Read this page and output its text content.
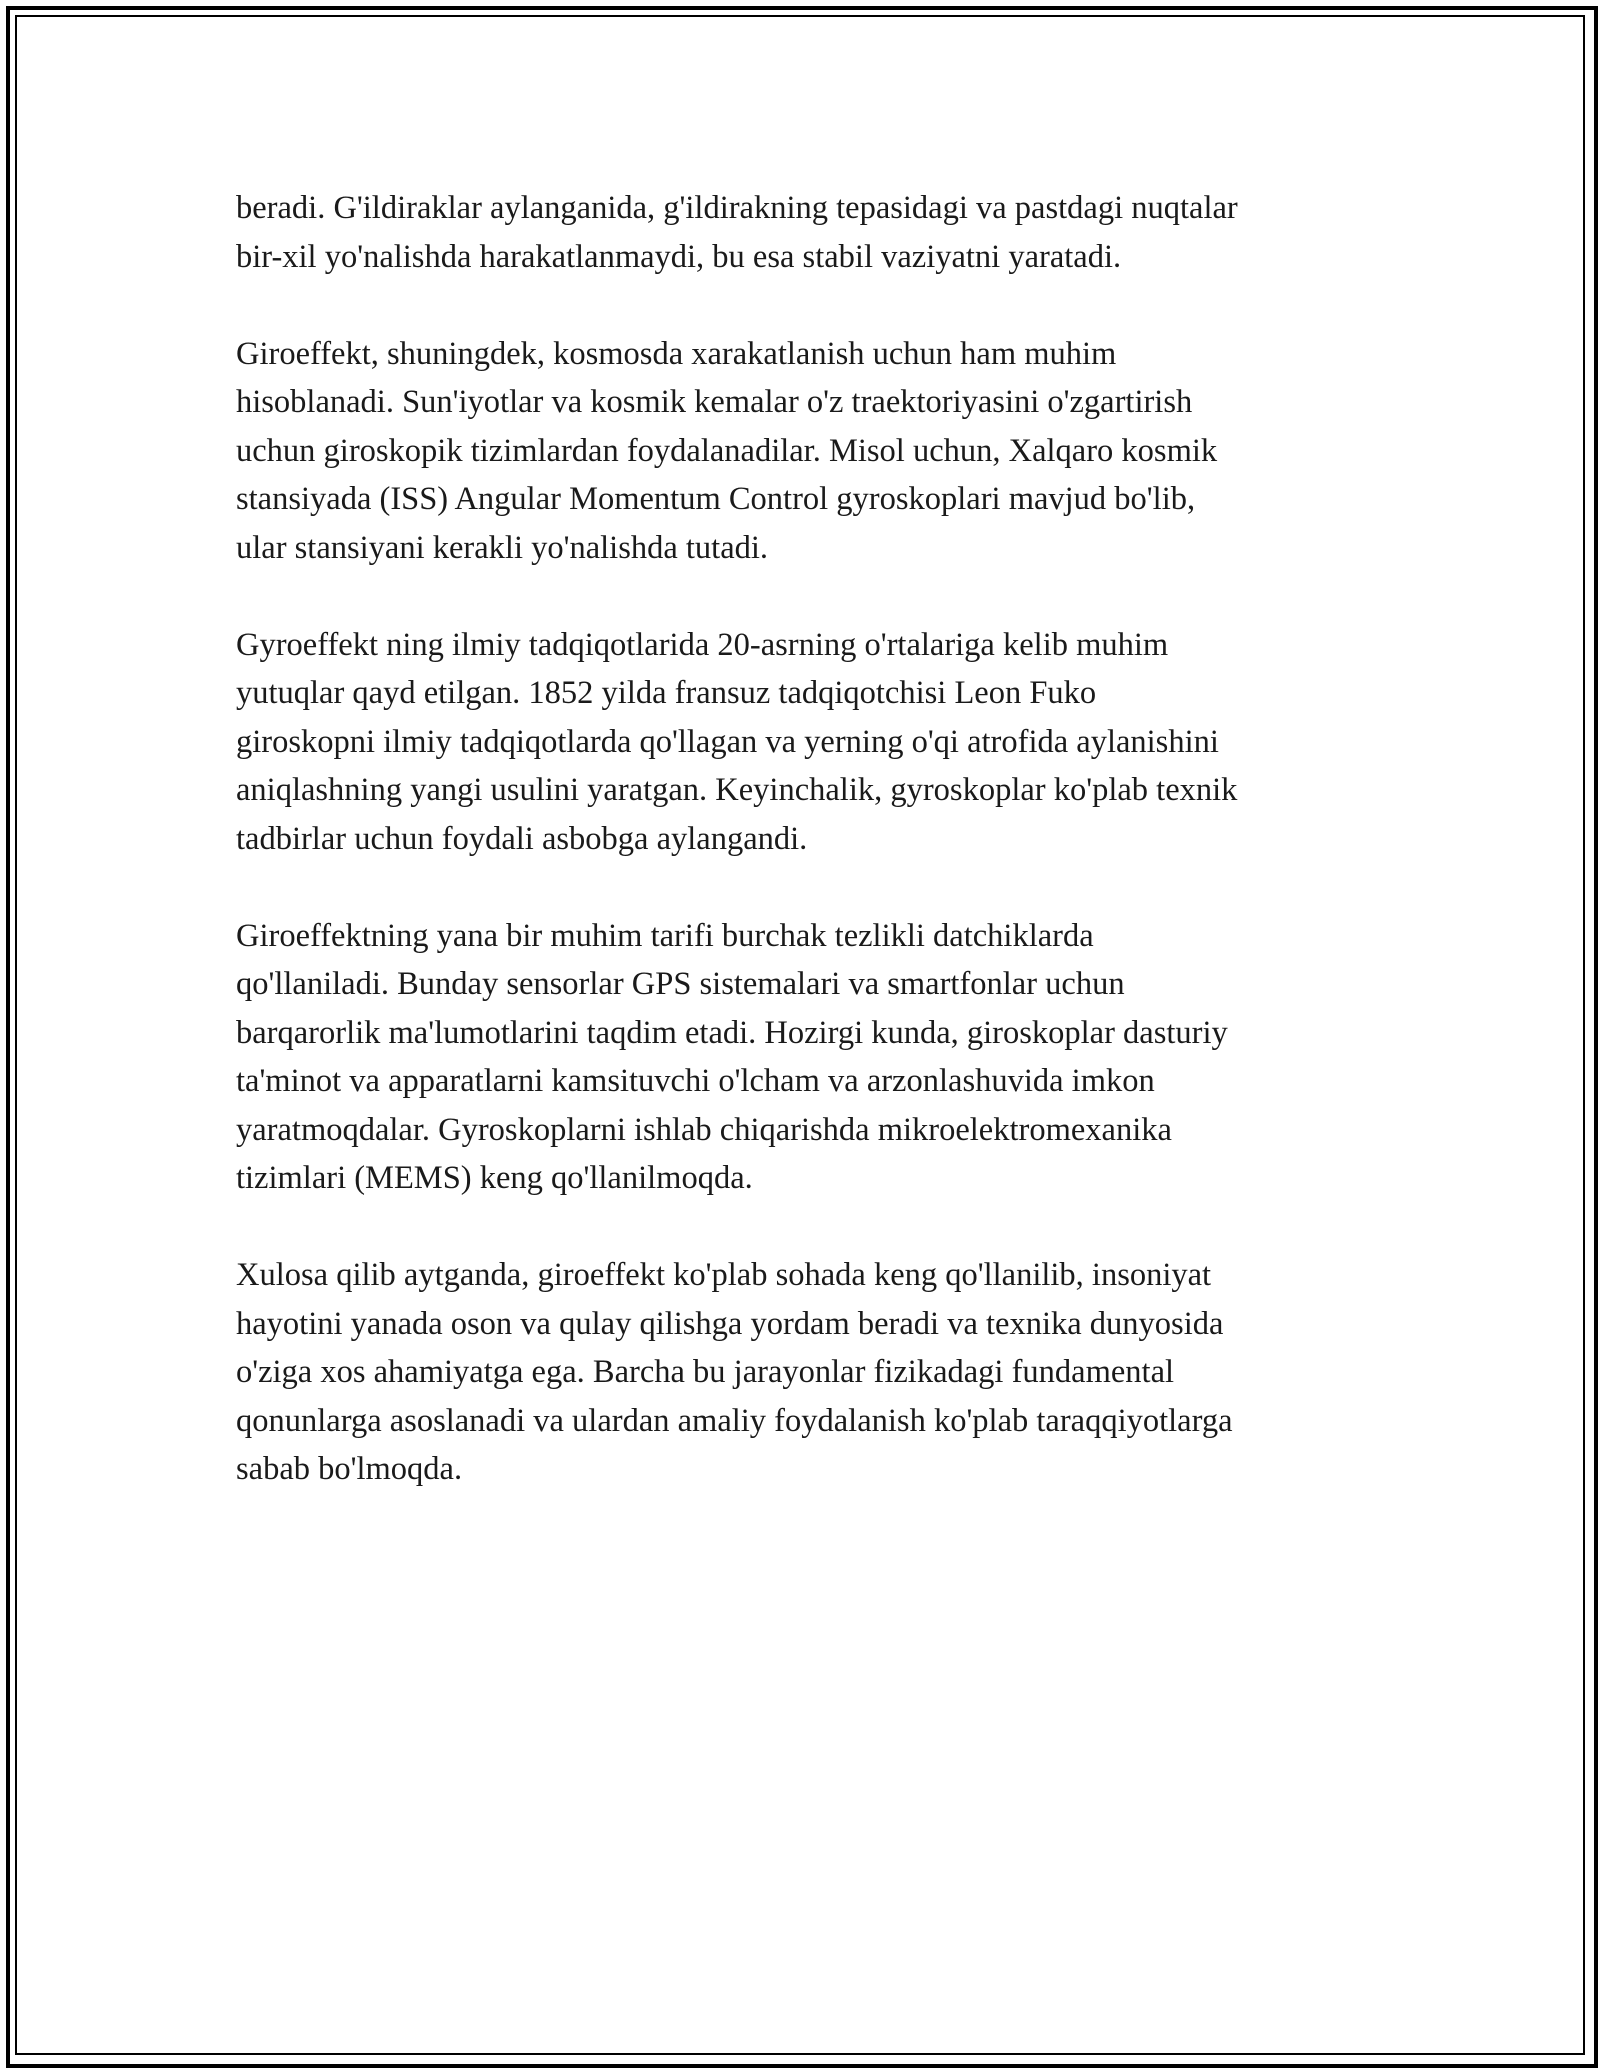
beradi. G'ildiraklar aylanganida, g'ildirakning tepasidagi va pastdagi nuqtalar
bir-xil yo'nalishda harakatlanmaydi, bu esa stabil vaziyatni yaratadi.

Giroeffekt, shuningdek, kosmosda xarakatlanish uchun ham muhim
hisoblanadi. Sun'iyotlar va kosmik kemalar o'z traektoriyasini o'zgartirish
uchun giroskopik tizimlardan foydalanadilar. Misol uchun, Xalqaro kosmik
stansiyada (ISS) Angular Momentum Control gyroskoplari mavjud bo'lib,
ular stansiyani kerakli yo'nalishda tutadi.

Gyroeffekt ning ilmiy tadqiqotlarida 20-asrning o'rtalariga kelib muhim
yutuqlar qayd etilgan. 1852 yilda fransuz tadqiqotchisi Leon Fuko
giroskopni ilmiy tadqiqotlarda qo'llagan va yerning o'qi atrofida aylanishini
aniqlashning yangi usulini yaratgan. Keyinchalik, gyroskoplar ko'plab texnik
tadbirlar uchun foydali asbobga aylangandi.

Giroeffektning yana bir muhim tarifi burchak tezlikli datchiklarda
qo'llaniladi. Bunday sensorlar GPS sistemalari va smartfonlar uchun
barqarorlik ma'lumotlarini taqdim etadi. Hozirgi kunda, giroskoplar dasturiy
ta'minot va apparatlarni kamsituvchi o'lcham va arzonlashuvida imkon
yaratmoqdalar. Gyroskoplarni ishlab chiqarishda mikroelektromexanika
tizimlari (MEMS) keng qo'llanilmoqda.

Xulosa qilib aytganda, giroeffekt ko'plab sohada keng qo'llanilib, insoniyat
hayotini yanada oson va qulay qilishga yordam beradi va texnika dunyosida
o'ziga xos ahamiyatga ega. Barcha bu jarayonlar fizikadagi fundamental
qonunlarga asoslanadi va ulardan amaliy foydalanish ko'plab taraqqiyotlarga
sabab bo'lmoqda.
